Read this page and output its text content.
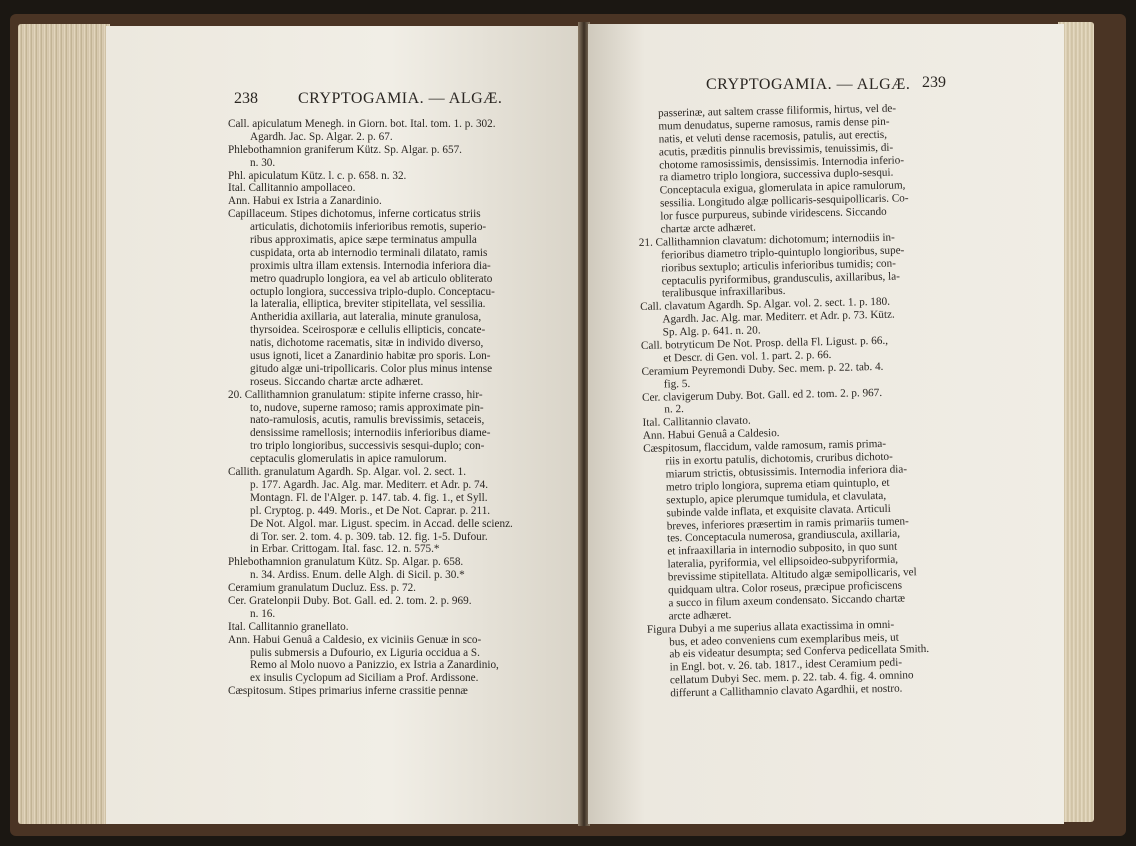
238	CRYPTOGAMIA. — ALGÆ.
Call. apiculatum Menegh. in Giorn. bot. Ital. tom. 1. p. 302.
Agardh. Jac. Sp. Algar. 2. p. 67.
Phlebothamnion graniferum Kütz. Sp. Algar. p. 657.
n. 30.
Phl. apiculatum Kütz. l. c. p. 658. n. 32.
Ital. Callitannio ampollaceo.
Ann. Habui ex Istria a Zanardinio.
Capillaceum. Stipes dichotomus, inferne corticatus striis
articulatis, dichotomiis inferioribus remotis, superio-
ribus approximatis, apice sæpe terminatus ampulla
cuspidata, orta ab internodio terminali dilatato, ramis
proximis ultra illam extensis. Internodia inferiora dia-
metro quadruplo longiora, ea vel ab articulo obliterato
octuplo longiora, successiva triplo-duplo. Conceptacu-
la lateralia, elliptica, breviter stipitellata, vel sessilia.
Antheridia axillaria, aut lateralia, minute granulosa,
thyrsoidea. Sceirosporæ e cellulis ellipticis, concate-
natis, dichotome racematis, sitæ in individo diverso,
usus ignoti, licet a Zanardinio habitæ pro sporis. Lon-
gitudo algæ uni-tripollicaris. Color plus minus intense
roseus. Siccando chartæ arcte adhæret.
20. Callithamnion granulatum: stipite inferne crasso, hir-
to, nudove, superne ramoso; ramis approximate pin-
nato-ramulosis, acutis, ramulis brevissimis, setaceis,
densissime ramellosis; internodiis inferioribus diame-
tro triplo longioribus, successivis sesqui-duplo; con-
ceptaculis glomerulatis in apice ramulorum.
Callith. granulatum Agardh. Sp. Algar. vol. 2. sect. 1.
p. 177. Agardh. Jac. Alg. mar. Mediterr. et Adr. p. 74.
Montagn. Fl. de l'Alger. p. 147. tab. 4. fig. 1., et Syll.
pl. Cryptog. p. 449. Moris., et De Not. Caprar. p. 211.
De Not. Algol. mar. Ligust. specim. in Accad. delle scienz.
di Tor. ser. 2. tom. 4. p. 309. tab. 12. fig. 1-5. Dufour.
in Erbar. Crittogam. Ital. fasc. 12. n. 575.*
Phlebothamnion granulatum Kütz. Sp. Algar. p. 658.
n. 34. Ardiss. Enum. delle Algh. di Sicil. p. 30.*
Ceramium granulatum Ducluz. Ess. p. 72.
Cer. Gratelonpii Duby. Bot. Gall. ed. 2. tom. 2. p. 969.
n. 16.
Ital. Callitannio granellato.
Ann. Habui Genuâ a Caldesio, ex viciniis Genuæ in sco-
pulis submersis a Dufourio, ex Liguria occidua a S.
Remo al Molo nuovo a Panizzio, ex Istria a Zanardinio,
ex insulis Cyclopum ad Siciliam a Prof. Ardissone.
Cæspitosum. Stipes primarius inferne crassitie pennæ
CRYPTOGAMIA. — ALGÆ. 239
passerinæ, aut saltem crasse filiformis, hirtus, vel de-
mum denudatus, superne ramosus, ramis dense pin-
natis, et veluti dense racemosis, patulis, aut erectis,
acutis, præditis pinnulis brevissimis, tenuissimis, di-
chotome ramosissimis, densissimis. Internodia inferio-
ra diametro triplo longiora, successiva duplo-sesqui.
Conceptacula exigua, glomerulata in apice ramulorum,
sessilia. Longitudo algæ pollicaris-sesquipollicaris. Co-
lor fusce purpureus, subinde viridescens. Siccando
chartæ arcte adhæret.
21. Callithamnion clavatum: dichotomum; internodiis in-
ferioribus diametro triplo-quintuplo longioribus, supe-
rioribus sextuplo; articulis inferioribus tumidis; con-
ceptaculis pyriformibus, grandusculis, axillaribus, la-
teralibusque infraxillaribus.
Call. clavatum Agardh. Sp. Algar. vol. 2. sect. 1. p. 180.
Agardh. Jac. Alg. mar. Mediterr. et Adr. p. 73. Kütz.
Sp. Alg. p. 641. n. 20.
Call. botryticum De Not. Prosp. della Fl. Ligust. p. 66.,
et Descr. di Gen. vol. 1. part. 2. p. 66.
Ceramium Peyremondi Duby. Sec. mem. p. 22. tab. 4.
fig. 5.
Cer. clavigerum Duby. Bot. Gall. ed 2. tom. 2. p. 967.
n. 2.
Ital. Callitannio clavato.
Ann. Habui Genuâ a Caldesio.
Cæspitosum, flaccidum, valde ramosum, ramis prima-
riis in exortu patulis, dichotomis, cruribus dichoto-
miarum strictis, obtusissimis. Internodia inferiora dia-
metro triplo longiora, suprema etiam quintuplo, et
sextuplo, apice plerumque tumidula, et clavulata,
subinde valde inflata, et exquisite clavata. Articuli
breves, inferiores præsertim in ramis primariis tumen-
tes. Conceptacula numerosa, grandiuscula, axillaria,
et infraaxillaria in internodio subposito, in quo sunt
lateralia, pyriformia, vel ellipsoideo-subpyriformia,
brevissime stipitellata. Altitudo algæ semipollicaris, vel
quidquam ultra. Color roseus, præcipue proficiscens
a succo in filum axeum condensato. Siccando chartæ
arcte adhæret.
Figura Dubyi a me superius allata exactissima in omni-
bus, et adeo conveniens cum exemplaribus meis, ut
ab eis videatur desumpta; sed Conferva pedicellata Smith.
in Engl. bot. v. 26. tab. 1817., idest Ceramium pedi-
cellatum Dubyi Sec. mem. p. 22. tab. 4. fig. 4. omnino
differunt a Callithamnio clavato Agardhii, et nostro.
